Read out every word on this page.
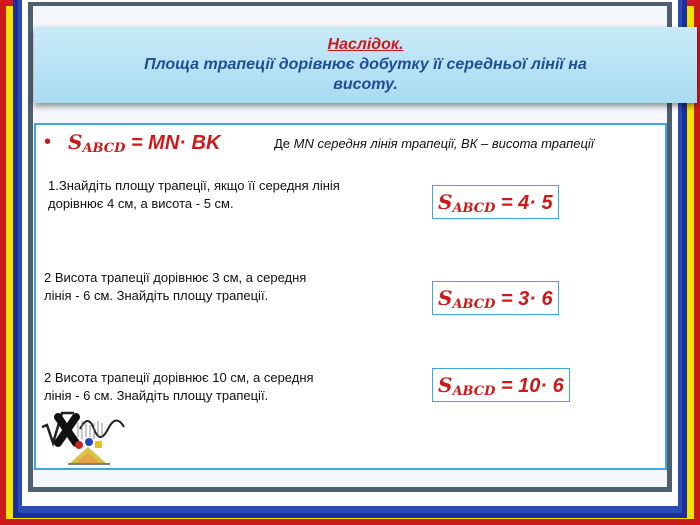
Наслідок.
Площа трапеції дорівнює добутку її середньої лінії на
висоту.
• $S_{ABCD} = MN\cdot$ BK	Де MN середня лінія трапеції, ВК – висота трапеції
1.Знайдіть площу трапеції, якщо її середня лінія
дорівнює 4 см, а висота - 5 см.	$S_{ABCD} = 4\cdot 5$
2 Висота трапеції дорівнює 3 см, а середня
лінія - 6 см. Знайдіть площу трапеції.	$S_{ABCD} = 3\cdot 6$
2 Висота трапеції дорівнює 10 см, а середня
лінія - 6 см. Знайдіть площу трапеції.	$S_{ABCD} = 10\cdot 6$
